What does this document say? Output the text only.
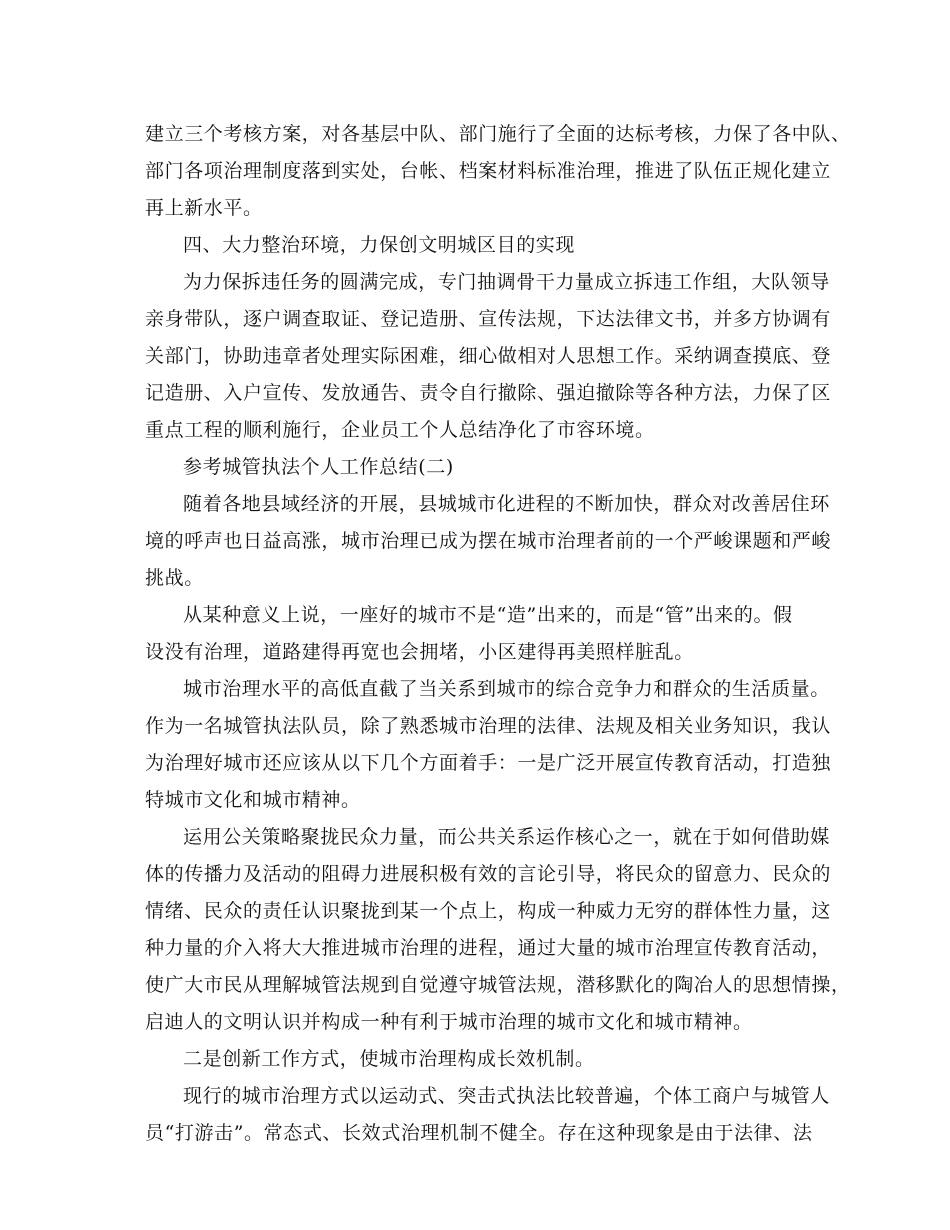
建立三个考核方案，对各基层中队、部门施行了全面的达标考核，力保了各中队、
部门各项治理制度落到实处，台帐、档案材料标准治理，推进了队伍正规化建立
再上新水平。
四、大力整治环境，力保创文明城区目的实现
为力保拆违任务的圆满完成，专门抽调骨干力量成立拆违工作组，大队领导
亲身带队，逐户调查取证、登记造册、宣传法规，下达法律文书，并多方协调有
关部门，协助违章者处理实际困难，细心做相对人思想工作。采纳调查摸底、登
记造册、入户宣传、发放通告、责令自行撤除、强迫撤除等各种方法，力保了区
重点工程的顺利施行，企业员工个人总结净化了市容环境。
参考城管执法个人工作总结(二)
随着各地县域经济的开展，县城城市化进程的不断加快，群众对改善居住环
境的呼声也日益高涨，城市治理已成为摆在城市治理者前的一个严峻课题和严峻
挑战。
从某种意义上说，一座好的城市不是“造”出来的，而是“管”出来的。假
设没有治理，道路建得再宽也会拥堵，小区建得再美照样脏乱。
城市治理水平的高低直截了当关系到城市的综合竞争力和群众的生活质量。
作为一名城管执法队员，除了熟悉城市治理的法律、法规及相关业务知识，我认
为治理好城市还应该从以下几个方面着手：一是广泛开展宣传教育活动，打造独
特城市文化和城市精神。
运用公关策略聚拢民众力量，而公共关系运作核心之一，就在于如何借助媒
体的传播力及活动的阻碍力进展积极有效的言论引导，将民众的留意力、民众的
情绪、民众的责任认识聚拢到某一个点上，构成一种威力无穷的群体性力量，这
种力量的介入将大大推进城市治理的进程，通过大量的城市治理宣传教育活动，
使广大市民从理解城管法规到自觉遵守城管法规，潜移默化的陶冶人的思想情操，
启迪人的文明认识并构成一种有利于城市治理的城市文化和城市精神。
二是创新工作方式，使城市治理构成长效机制。
现行的城市治理方式以运动式、突击式执法比较普遍，个体工商户与城管人
员“打游击”。常态式、长效式治理机制不健全。存在这种现象是由于法律、法
